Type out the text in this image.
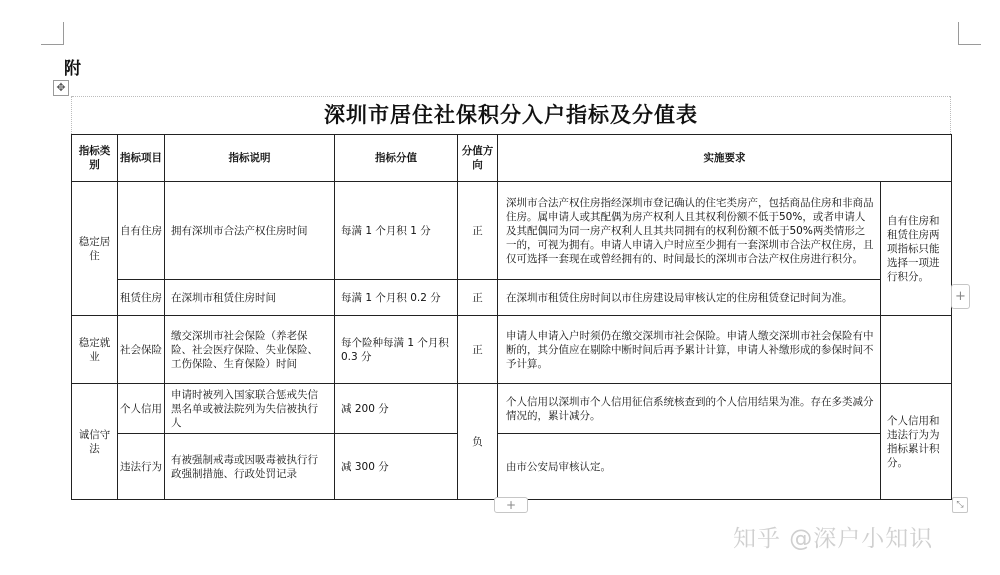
附
✥
深圳市居住社保积分入户指标及分值表
指标类别	指标项目	指标说明	指标分值	分值方向	实施要求	
稳定居住	自有住房	拥有深圳市合法产权住房时间	每满 1 个月积 1 分	正	深圳市合法产权住房指经深圳市登记确认的住宅类房产，包括商品住房和非商品住房。属申请人或其配偶为房产权利人且其权利份额不低于50%，或者申请人及其配偶同为同一房产权利人且其共同拥有的权利份额不低于50%两类情形之一的，可视为拥有。申请人申请入户时应至少拥有一套深圳市合法产权住房，且仅可选择一套现在或曾经拥有的、时间最长的深圳市合法产权住房进行积分。	自有住房和租赁住房两项指标只能选择一项进行积分。
	租赁住房	在深圳市租赁住房时间	每满 1 个月积 0.2 分	正	在深圳市租赁住房时间以市住房建设局审核认定的住房租赁登记时间为准。	
稳定就业	社会保险	缴交深圳市社会保险（养老保险、社会医疗保险、失业保险、工伤保险、生育保险）时间	每个险种每满 1 个月积 0.3 分	正	申请人申请入户时须仍在缴交深圳市社会保险。申请人缴交深圳市社会保险有中断的，其分值应在剔除中断时间后再予累计计算，申请人补缴形成的参保时间不予计算。	
诚信守法	个人信用	申请时被列入国家联合惩戒失信黑名单或被法院列为失信被执行人	减 200 分	负	个人信用以深圳市个人信用征信系统核查到的个人信用结果为准。存在多类减分情况的，累计减分。	个人信用和违法行为为指标累计积分。
	违法行为	有被强制戒毒或因吸毒被执行行政强制措施、行政处罚记录	减 300 分		由市公安局审核认定。	
+
+	⤡
知乎 @深户小知识
